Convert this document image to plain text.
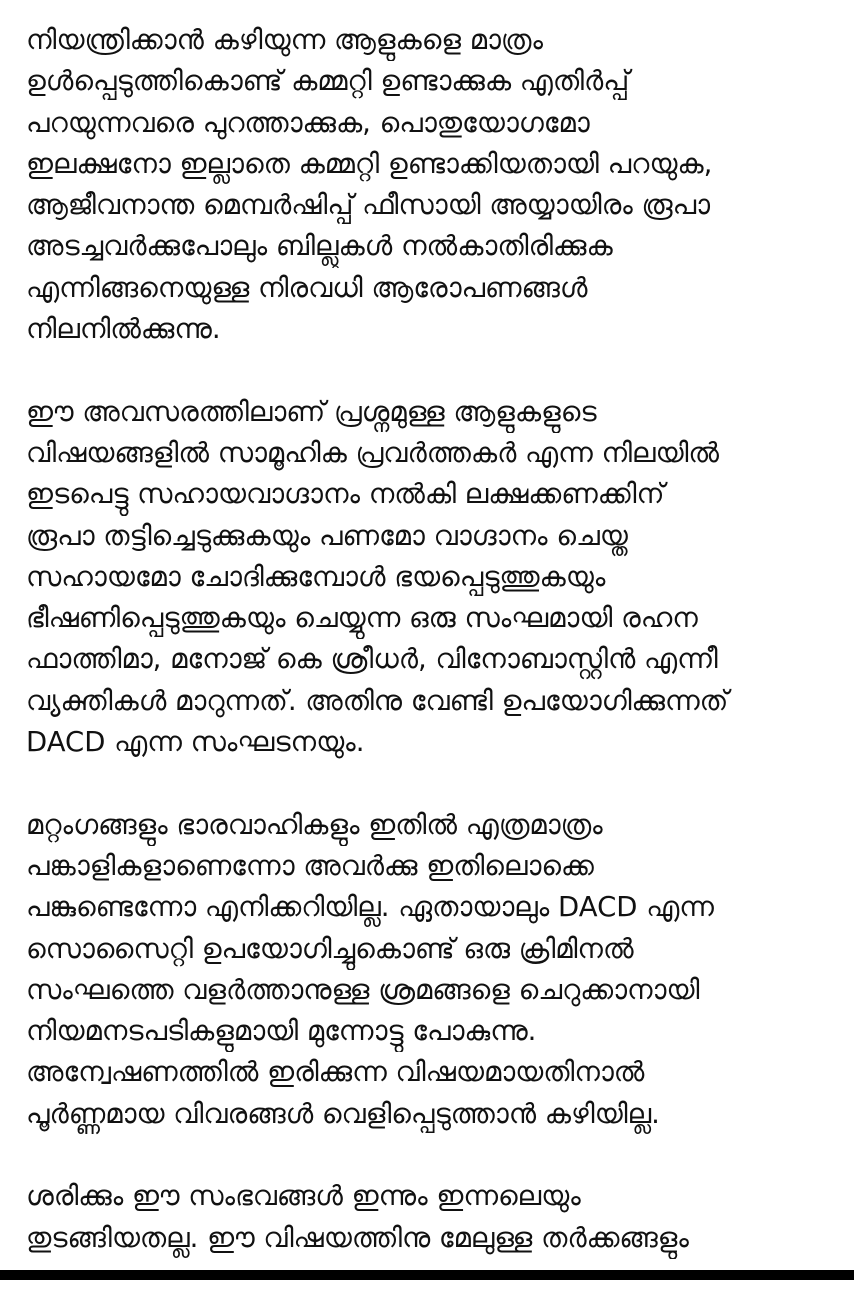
നിയന്ത്രിക്കാൻ കഴിയുന്ന ആളുകളെ മാത്രം
ഉൾപ്പെടുത്തികൊണ്ട് കമ്മറ്റി ഉണ്ടാക്കുക എതിർപ്പ്
പറയുന്നവരെ പുറത്താക്കുക, പൊതുയോഗമോ
ഇലക്ഷനോ ഇല്ലാതെ കമ്മറ്റി ഉണ്ടാക്കിയതായി പറയുക,
ആജീവനാന്ത മെമ്പർഷിപ്പ് ഫീസായി അയ്യായിരം രൂപാ
അടച്ചവർക്കുപോലും ബില്ലുകൾ നൽകാതിരിക്കുക
എന്നിങ്ങനെയുള്ള നിരവധി ആരോപണങ്ങൾ
നിലനിൽക്കുന്നു.
ഈ അവസരത്തിലാണ് പ്രശ്നമുള്ള ആളുകളുടെ
വിഷയങ്ങളിൽ സാമൂഹിക പ്രവർത്തകർ എന്ന നിലയിൽ
ഇടപെട്ടു സഹായവാഗ്ദാനം നൽകി ലക്ഷക്കണക്കിന്
രൂപാ തട്ടിച്ചെടുക്കുകയും പണമോ വാഗ്ദാനം ചെയ്ത
സഹായമോ ചോദിക്കുമ്പോൾ ഭയപ്പെടുത്തുകയും
ഭീഷണിപ്പെടുത്തുകയും ചെയ്യുന്ന ഒരു സംഘമായി രഹന
ഫാത്തിമാ, മനോജ് കെ ശ്രീധർ, വിനോബാസ്റ്റിൻ എന്നീ
വ്യക്തികൾ മാറുന്നത്. അതിനു വേണ്ടി ഉപയോഗിക്കുന്നത്
DACD എന്ന സംഘടനയും.
മറ്റംഗങ്ങളും ഭാരവാഹികളും ഇതിൽ എത്രമാത്രം
പങ്കാളികളാണെന്നോ അവർക്കു ഇതിലൊക്കെ
പങ്കുണ്ടെന്നോ എനിക്കറിയില്ല. ഏതായാലും DACD എന്ന
സൊസൈറ്റി ഉപയോഗിച്ചുകൊണ്ട് ഒരു ക്രിമിനൽ
സംഘത്തെ വളർത്താനുള്ള ശ്രമങ്ങളെ ചെറുക്കാനായി
നിയമനടപടികളുമായി മുന്നോട്ടു പോകുന്നു.
അന്വേഷണത്തിൽ ഇരിക്കുന്ന വിഷയമായതിനാൽ
പൂർണ്ണമായ വിവരങ്ങൾ വെളിപ്പെടുത്താൻ കഴിയില്ല.
ശരിക്കും ഈ സംഭവങ്ങൾ ഇന്നും ഇന്നലെയും
തുടങ്ങിയതല്ല. ഈ വിഷയത്തിനു മേലുള്ള തർക്കങ്ങളും
